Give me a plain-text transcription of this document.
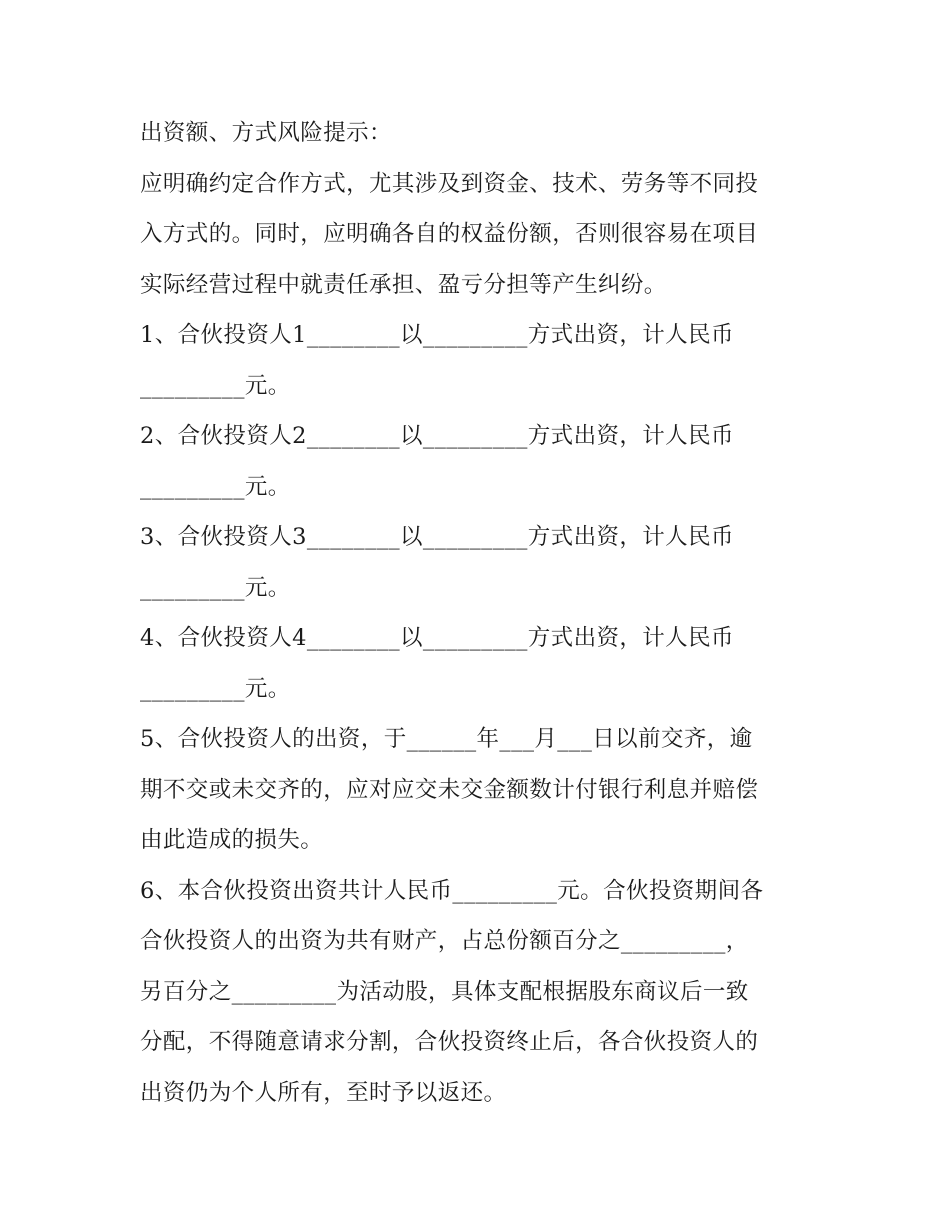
出资额、方式风险提示：
应明确约定合作方式，尤其涉及到资金、技术、劳务等不同投
入方式的。同时，应明确各自的权益份额，否则很容易在项目
实际经营过程中就责任承担、盈亏分担等产生纠纷。
1、合伙投资人1________以_________方式出资，计人民币
_________元。
2、合伙投资人2________以_________方式出资，计人民币
_________元。
3、合伙投资人3________以_________方式出资，计人民币
_________元。
4、合伙投资人4________以_________方式出资，计人民币
_________元。
5、合伙投资人的出资，于______年___月___日以前交齐，逾
期不交或未交齐的，应对应交未交金额数计付银行利息并赔偿
由此造成的损失。
6、本合伙投资出资共计人民币_________元。合伙投资期间各
合伙投资人的出资为共有财产，占总份额百分之_________，
另百分之_________为活动股，具体支配根据股东商议后一致
分配，不得随意请求分割，合伙投资终止后，各合伙投资人的
出资仍为个人所有，至时予以返还。
